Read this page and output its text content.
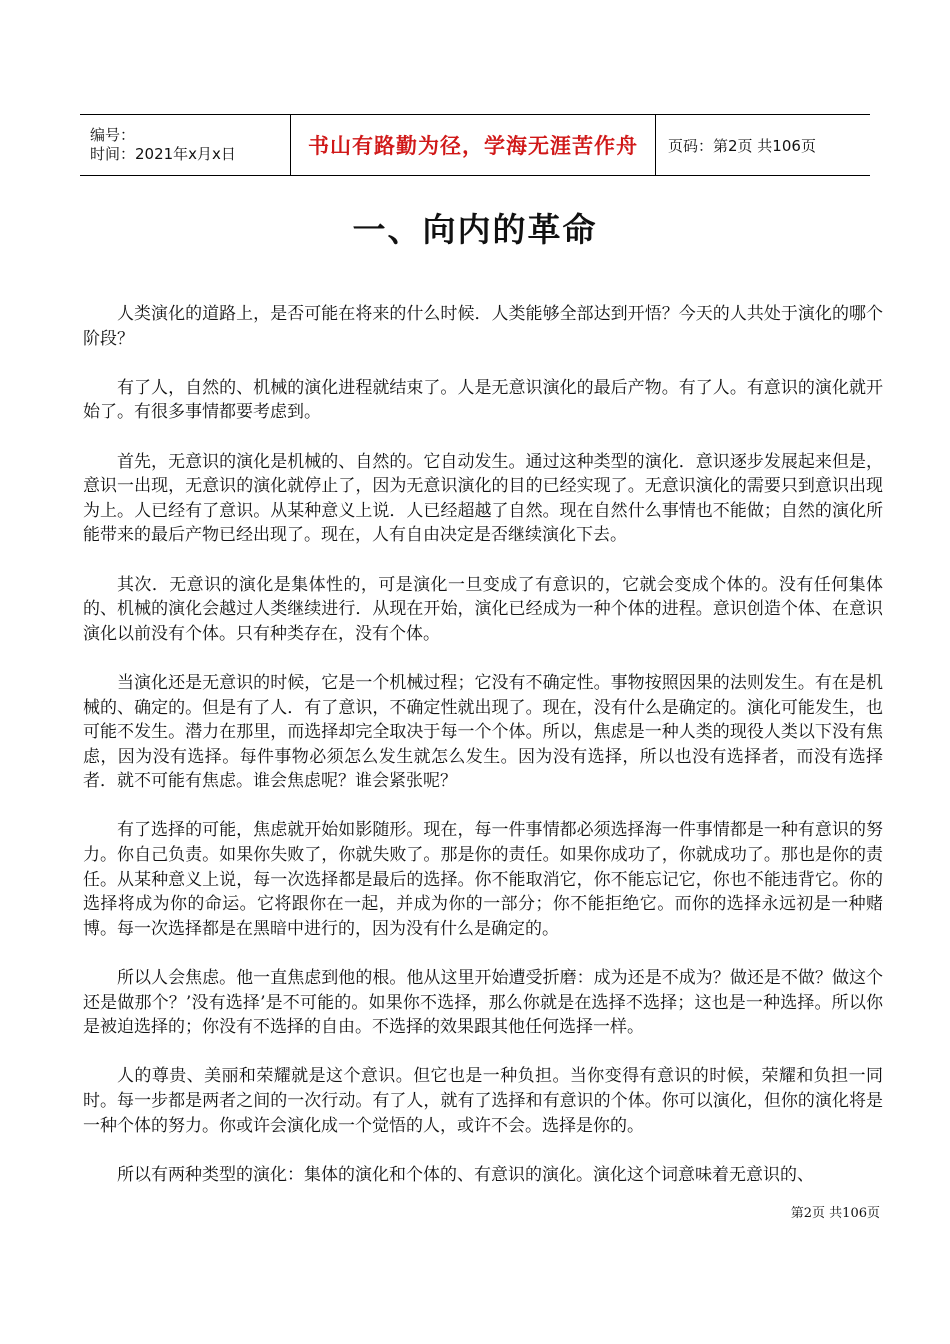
编号：
时间：2021年x月x日	书山有路勤为径，学海无涯苦作舟 页码：第2页 共106页
一、向内的革命

人类演化的道路上，是否可能在将来的什么时候．人类能够全部达到开悟？今天的人共处于演化的哪个阶段？

有了人，自然的、机械的演化进程就结束了。人是无意识演化的最后产物。有了人。有意识的演化就开始了。有很多事情都要考虑到。

首先，无意识的演化是机械的、自然的。它自动发生。通过这种类型的演化．意识逐步发展起来但是，意识一出现，无意识的演化就停止了，因为无意识演化的目的已经实现了。无意识演化的需要只到意识出现为上。人已经有了意识。从某种意义上说．人已经超越了自然。现在自然什么事情也不能做；自然的演化所能带来的最后产物已经出现了。现在，人有自由决定是否继续演化下去。

其次．无意识的演化是集体性的，可是演化一旦变成了有意识的，它就会变成个体的。没有任何集体的、机械的演化会越过人类继续进行．从现在开始，演化已经成为一种个体的进程。意识创造个体、在意识演化以前没有个体。只有种类存在，没有个体。

当演化还是无意识的时候，它是一个机械过程；它没有不确定性。事物按照因果的法则发生。有在是机械的、确定的。但是有了人．有了意识，不确定性就出现了。现在，没有什么是确定的。演化可能发生，也可能不发生。潜力在那里，而选择却完全取决于每一个个体。所以，焦虑是一种人类的现役人类以下没有焦虑，因为没有选择。每件事物必须怎么发生就怎么发生。因为没有选择，所以也没有选择者，而没有选择者．就不可能有焦虑。谁会焦虑呢？谁会紧张呢？

有了选择的可能，焦虑就开始如影随形。现在，每一件事情都必须选择海一件事情都是一种有意识的努力。你自己负责。如果你失败了，你就失败了。那是你的责任。如果你成功了，你就成功了。那也是你的责任。从某种意义上说，每一次选择都是最后的选择。你不能取消它，你不能忘记它，你也不能违背它。你的选择将成为你的命运。它将跟你在一起，并成为你的一部分；你不能拒绝它。而你的选择永远初是一种赌博。每一次选择都是在黑暗中进行的，因为没有什么是确定的。

所以人会焦虑。他一直焦虑到他的根。他从这里开始遭受折磨：成为还是不成为？做还是不做？做这个还是做那个？’没有选择’是不可能的。如果你不选择，那么你就是在选择不选择；这也是一种选择。所以你是被迫选择的；你没有不选择的自由。不选择的效果跟其他任何选择一样。

人的尊贵、美丽和荣耀就是这个意识。但它也是一种负担。当你变得有意识的时候，荣耀和负担一同时。每一步都是两者之间的一次行动。有了人，就有了选择和有意识的个体。你可以演化，但你的演化将是一种个体的努力。你或许会演化成一个觉悟的人，或许不会。选择是你的。

所以有两种类型的演化：集体的演化和个体的、有意识的演化。演化这个词意味着无意识的、

第2页 共106页
